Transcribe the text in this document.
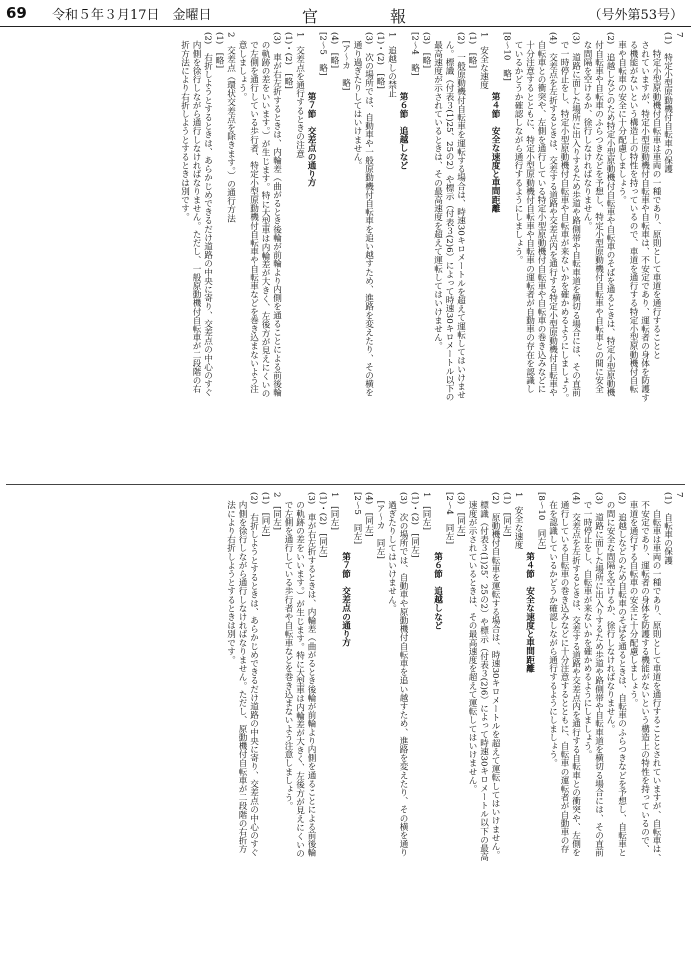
69 令和５年３月17日　金曜日	官　報	（号外第53号）
7
(1)　特定小型原動機付自転車の保護
　　特定小型原動機付自転車は車両の一種であり、原則として車道を通行することと
　されていますが、特定小型原動機付自転車や自転車は、不安定であり、運転者の身体を防護す
　る機能がないという構造上の特性を持っているので、車道を通行する特定小型原動機付自転
　車や自転車の安全に十分配慮しましょう。
(2)　追越しなどのため特定小型原動機付自転車や自転車のそばを通るときは、特定小型原動機
　付自転車や自転車のふらつきなどを予想し、特定小型原動機付自転車や自転車との間に安全
　な間隔を空けるか、徐行しなければなりません。
(3)　道路に面した場所に出入りするため歩道や路側帯や自転車道を横切る場合には、その直前
　で一時停止をし、特定小型原動機付自転車や自転車が来ないかを確かめるようにしましょう。
(4)　交差点を左折するときは、交差する道路や交差点内を通行する特定小型原動機付自転車や
　自転車との衝突や、左側を通行している特定小型原動機付自転車や自転車の巻き込みなどに
　十分注意するとともに、特定小型原動機付自転車や自転車の運転者が自動車の存在を認識し
　ているかどうか確認しながら通行するようにしましょう。
[8～10　略]
第４節　安全な速度と車間距離
1　安全な速度
(1)　[略]
(2)　一般原動機付自転車を運転する場合は、時速30キロメートルを超えて運転してはいけませ
　ん。標識（付表３(1)25、25の2）や標示（付表３(2)6）によって時速30キロメートル以下の
　最高速度が示されているときは、その最高速度を超えて運転してはいけません。
(3)　[略]
[2～4　略]
第６節　追越しなど
1　追越しの禁止
(1)・(2)　[略]
(3)　次の場所では、自動車や一般原動機付自転車を追い越すため、進路を変えたり、その横を
　通り過ぎたりしてはいけません。
　[ア～カ　略]
(4)　[略]
[2～5　略]
第７節　交差点の通り方
1　交差点を通行するときの注意
(1)・(2)　[略]
(3)　車が右左折するときは、内輪差（曲がるとき後輪が前輪より内側を通ることによる前後輪
　の軌跡の差をいいます。）が生じます。特に大型車は内輪差が大きく、左後方が見えにくいの
　で左側を通行している歩行者、特定小型原動機付自転車や自転車などを巻き込まないよう注
　意しましょう。
2　交差点（環状交差点を除きます。）の通行方法
(1)　[略]
(2)　右折しようとするときは、あらかじめできるだけ道路の中央に寄り、交差点の中心のすぐ
　内側を徐行しながら通行しなければなりません。ただし、一般原動機付自転車が二段階の右
　折方法により右折しようとするときは別です。
7
(1)　自転車の保護
　　自転車は車両の一種であり、原則として車道を通行することとされていますが、自転車は、
　不安定であり、運転者の身体を防護する機能がないという構造上の特性を持っているので、
　車道を通行する自転車の安全に十分配慮しましょう。
(2)　追越しなどのため自転車のそばを通るときは、自転車のふらつきなどを予想し、自転車と
　の間に安全な間隔を空けるか、徐行しなければなりません。
(3)　道路に面した場所に出入りするため歩道や路側帯や自転車道を横切る場合には、その直前
　で一時停止をし、自転車が来ないかを確かめるようにしましょう。
(4)　交差点を左折するときは、交差する道路や交差点内を通行する自転車との衝突や、左側を
　通行している自転車の巻き込みなどに十分注意するとともに、自転車の運転者が自動車の存
　在を認識しているかどうか確認しながら通行するようにしましょう。
[8～10　同左]
第４節　安全な速度と車間距離
1　安全な速度
(1)　[同左]
(2)　原動機付自転車を運転する場合は、時速30キロメートルを超えて運転してはいけません。
　標識（付表３(1)25、25の2）や標示（付表３(2)6）によって時速30キロメートル以下の最高
　速度が示されているときは、その最高速度を超えて運転してはいけません。
(3)　[同左]
[2～4　同左]
第６節　追越しなど
1　[同左]
(1)・(2)　[同左]
(3)　次の場所では、自動車や原動機付自転車を追い越すため、進路を変えたり、その横を通り
　過ぎたりしてはいけません。
　[ア～カ　同左]
(4)　[同左]
[2～5　同左]
第７節　交差点の通り方
1　[同左]
(1)・(2)　[同左]
(3)　車が右左折するときは、内輪差（曲がるとき後輪が前輪より内側を通ることによる前後輪
　の軌跡の差をいいます。）が生じます。特に大型車は内輪差が大きく、左後方が見えにくいの
　で左側を通行している歩行者や自転車などを巻き込まないよう注意しましょう。
2　[同左]
(1)　[同左]
(2)　右折しようとするときは、あらかじめできるだけ道路の中央に寄り、交差点の中心のすぐ
　内側を徐行しながら通行しなければなりません。ただし、原動機付自転車が二段階の右折方
　法により右折しようとするときは別です。
